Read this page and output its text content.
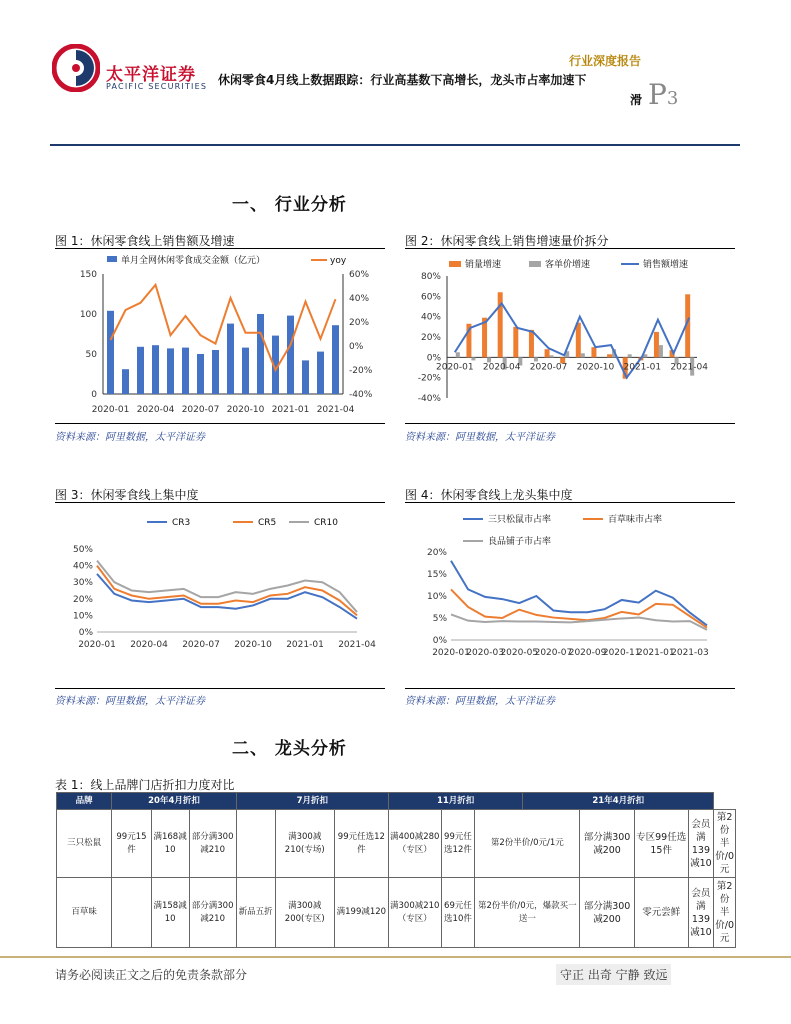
太平洋证券
PACIFIC SECURITIES
行业深度报告
休闲零食4月线上数据跟踪：行业高基数下高增长，龙头市占率加速下
滑 P3
一、 行业分析
图 1：休闲零食线上销售额及增速	图 2：休闲零食线上销售增速量价拆分
单月全网休闲零食成交金额（亿元）	yoy
0
50
100
150
-40%
-20%
0%
20%
40%
60%
2020-01 2020-04 2020-07 2020-10 2021-01 2021-04
销量增速	客单价增速	销售额增速
-40%
-20%
0%
20%
40%
60%
80%
2020-01 2020-04 2020-07 2020-10 2021-01 2021-04
资料来源：阿里数据，太平洋证券	资料来源：阿里数据，太平洋证券
图 3：休闲零食线上集中度	图 4：休闲零食线上龙头集中度
CR3	CR5	CR10
0%
10%
20%
30%
40%
50%
2020-01 2020-04 2020-07 2020-10 2021-01 2021-04
三只松鼠市占率	百草味市占率
良品铺子市占率
0%
5%
10%
15%
20%
2020-01
2020-03
2020-05
2020-07
2020-09
2020-11
2021-01
2021-03
资料来源：阿里数据，太平洋证券	资料来源：阿里数据，太平洋证券
二、 龙头分析
表 1：线上品牌门店折扣力度对比
品牌	20年4月折扣			7月折扣			11月折扣			21年4月折扣				
三只松鼠	99元15件	满168减10	部分满300减210		满300减210(专场)	99元任选12件	满400减280（专区）	99元任选12件	第2份半价/0元/1元		部分满300减200	专区99任选15件	会员满139减10	第2份半价/0元
百草味		满158减10	部分满300减210	新品五折	满300减200(专区)	满199减120	满300减210（专区）	69元任选10件	第2份半价/0元，爆款买一送一		部分满300减200	零元尝鲜	会员满139减10	第2份半价/0元
请务必阅读正文之后的免责条款部分	守正 出奇 宁静 致远
